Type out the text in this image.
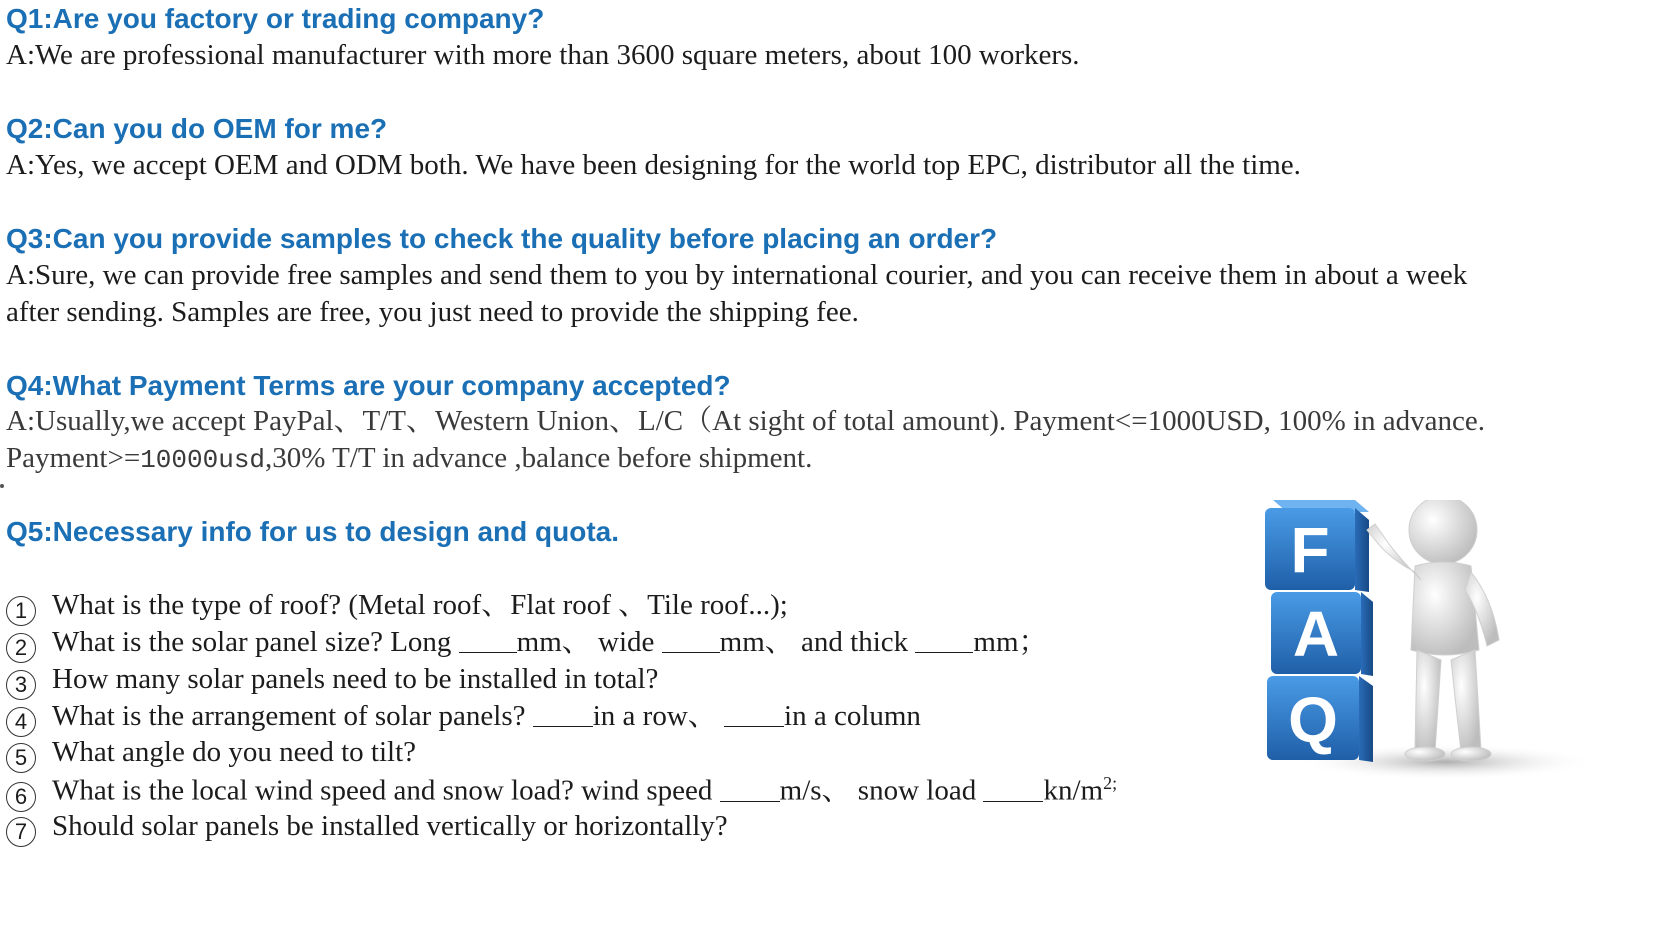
Q1:Are you factory or trading company?
A:We are professional manufacturer with more than 3600 square meters, about 100 workers.
Q2:Can you do OEM for me?
A:Yes, we accept OEM and ODM both. We have been designing for the world top EPC, distributor all the time.
Q3:Can you provide samples to check the quality before placing an order?
A:Sure, we can provide free samples and send them to you by international courier, and you can receive them in about a week
after sending. Samples are free, you just need to provide the shipping fee.
Q4:What Payment Terms are your company accepted?
A:Usually,we accept PayPal、T/T、Western Union、L/C（At sight of total amount). Payment<=1000USD, 100% in advance.
Payment>=10000usd,30% T/T in advance ,balance before shipment.
Q5:Necessary info for us to design and quota.
1 What is the type of roof? (Metal roof、Flat roof 、Tile roof...);
2 What is the solar panel size? Long mm、 wide mm、 and thick mm；
3 How many solar panels need to be installed in total?
4 What is the arrangement of solar panels? in a row、 in a column
5 What angle do you need to tilt?
6 What is the local wind speed and snow load? wind speed m/s、 snow load $kn/m^{2;}$
7 Should solar panels be installed vertically or horizontally?
F
A
Q
